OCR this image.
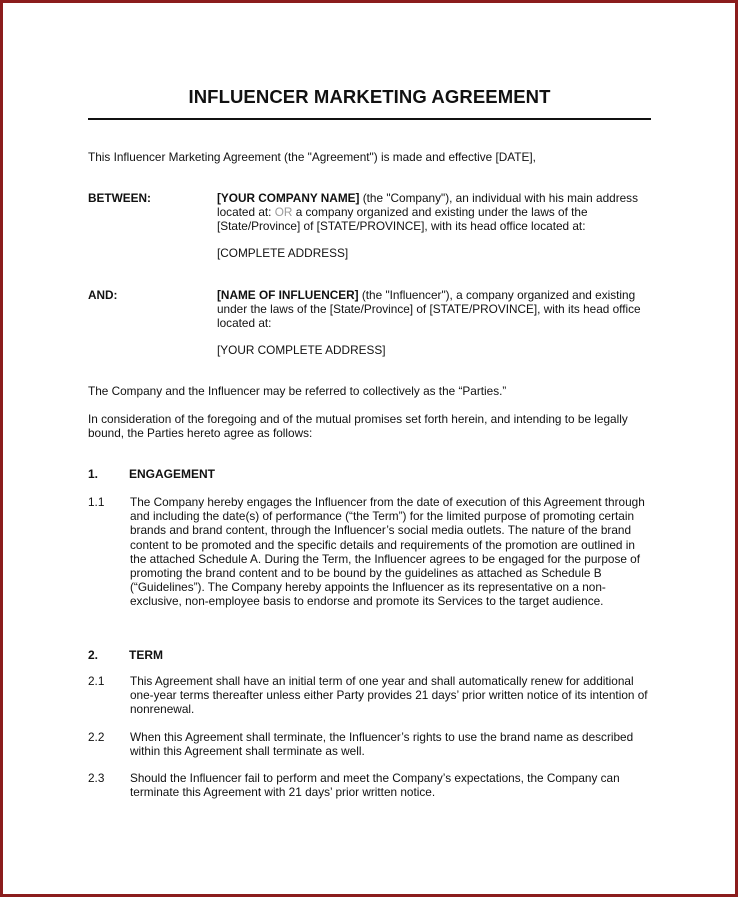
INFLUENCER MARKETING AGREEMENT

This Influencer Marketing Agreement (the "Agreement") is made and effective [DATE],

BETWEEN:	[YOUR COMPANY NAME] (the "Company"), an individual with his main address located at: OR a company organized and existing under the laws of the [State/Province] of [STATE/PROVINCE], with its head office located at:

[COMPLETE ADDRESS]

AND:	[NAME OF INFLUENCER] (the "Influencer"), a company organized and existing under the laws of the [State/Province] of [STATE/PROVINCE], with its head office located at:

[YOUR COMPLETE ADDRESS]

The Company and the Influencer may be referred to collectively as the “Parties.”

In consideration of the foregoing and of the mutual promises set forth herein, and intending to be legally bound, the Parties hereto agree as follows:

1.	ENGAGEMENT
1.1 The Company hereby engages the Influencer from the date of execution of this Agreement through and including the date(s) of performance (“the Term”) for the limited purpose of promoting certain brands and brand content, through the Influencer’s social media outlets. The nature of the brand content to be promoted and the specific details and requirements of the promotion are outlined in the attached Schedule A. During the Term, the Influencer agrees to be engaged for the purpose of promoting the brand content and to be bound by the guidelines as attached as Schedule B (“Guidelines”). The Company hereby appoints the Influencer as its representative on a non-exclusive, non-employee basis to endorse and promote its Services to the target audience.

2.	TERM
2.1 This Agreement shall have an initial term of one year and shall automatically renew for additional one-year terms thereafter unless either Party provides 21 days’ prior written notice of its intention of nonrenewal.

2.2 When this Agreement shall terminate, the Influencer’s rights to use the brand name as described within this Agreement shall terminate as well.

2.3 Should the Influencer fail to perform and meet the Company’s expectations, the Company can terminate this Agreement with 21 days’ prior written notice.
